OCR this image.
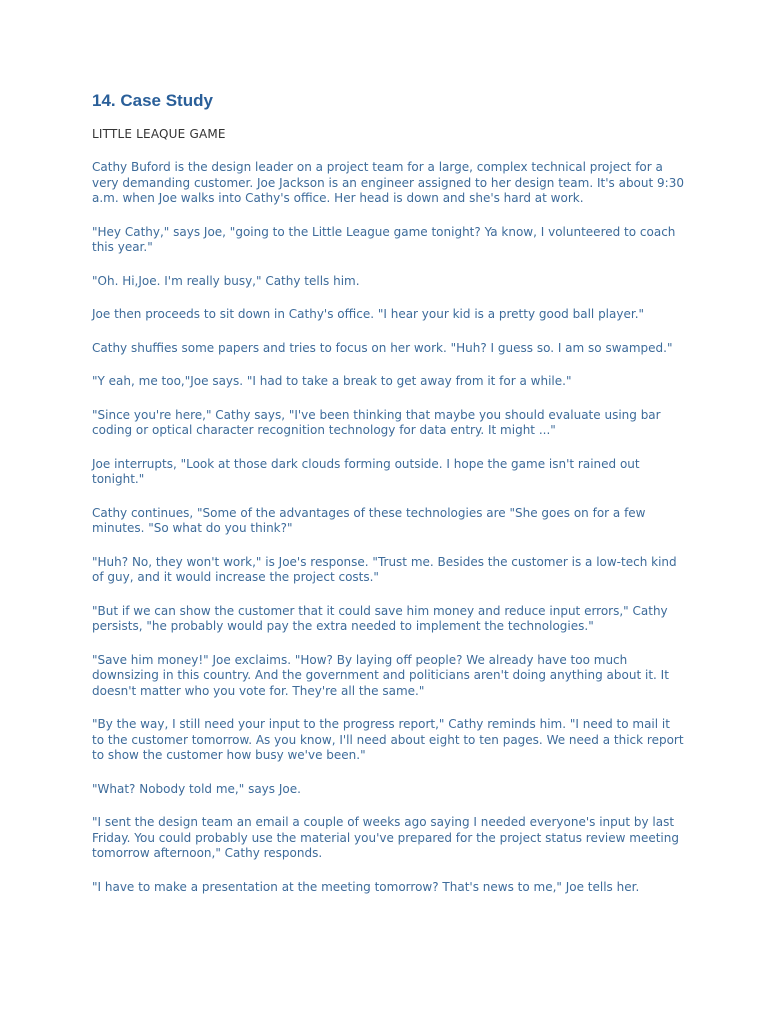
14. Case Study
LITTLE LEAQUE GAME

Cathy Buford is the design leader on a project team for a large, complex technical project for a very demanding customer. Joe Jackson is an engineer assigned to her design team. It's about 9:30 a.m. when Joe walks into Cathy's office. Her head is down and she's hard at work.

"Hey Cathy," says Joe, "going to the Little League game tonight? Ya know, I volunteered to coach this year."

"Oh. Hi,Joe. I'm really busy," Cathy tells him.

Joe then proceeds to sit down in Cathy's office. "I hear your kid is a pretty good ball player."

Cathy shuffies some papers and tries to focus on her work. "Huh? I guess so. I am so swamped."

"Y eah, me too,"Joe says. "I had to take a break to get away from it for a while."

"Since you're here," Cathy says, "I've been thinking that maybe you should evaluate using bar coding or optical character recognition technology for data entry. It might ..."

Joe interrupts, "Look at those dark clouds forming outside. I hope the game isn't rained out tonight."

Cathy continues, "Some of the advantages of these technologies are "She goes on for a few minutes. "So what do you think?"

"Huh? No, they won't work," is Joe's response. "Trust me. Besides the customer is a low-tech kind of guy, and it would increase the project costs."

"But if we can show the customer that it could save him money and reduce input errors," Cathy persists, "he probably would pay the extra needed to implement the technologies."

"Save him money!" Joe exclaims. "How? By laying off people? We already have too much downsizing in this country. And the government and politicians aren't doing anything about it. It doesn't matter who you vote for. They're all the same."

"By the way, I still need your input to the progress report," Cathy reminds him. "I need to mail it to the customer tomorrow. As you know, I'll need about eight to ten pages. We need a thick report to show the customer how busy we've been."

"What? Nobody told me," says Joe.

"I sent the design team an email a couple of weeks ago saying I needed everyone's input by last Friday. You could probably use the material you've prepared for the project status review meeting tomorrow afternoon," Cathy responds.

"I have to make a presentation at the meeting tomorrow? That's news to me," Joe tells her.
